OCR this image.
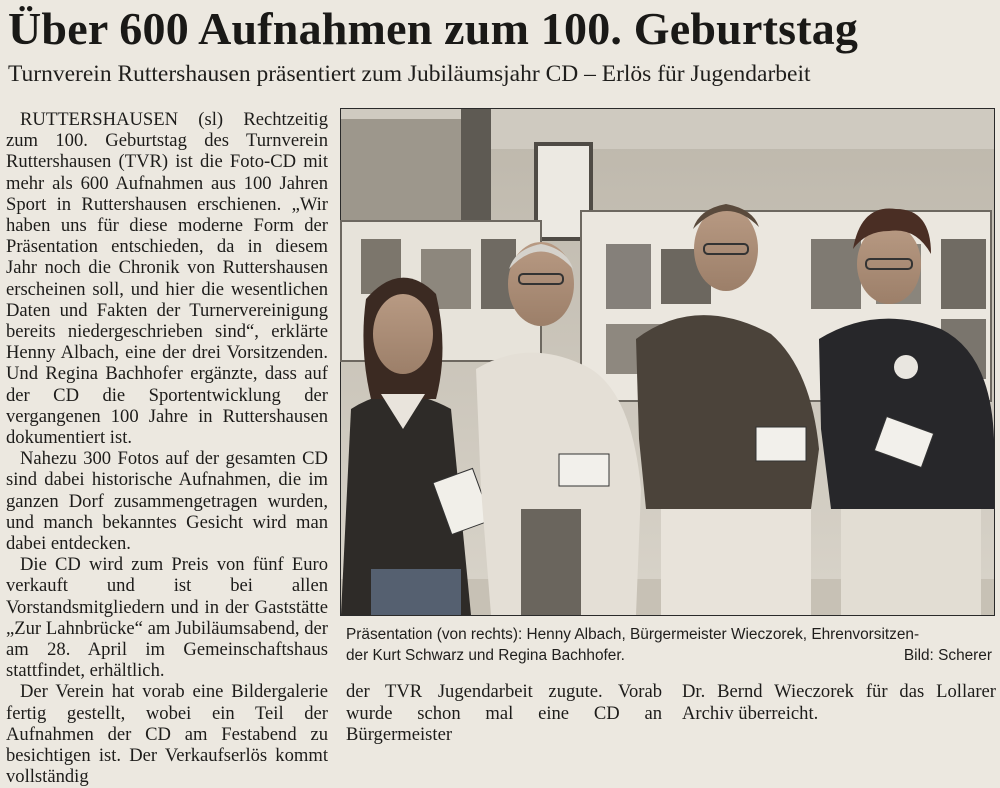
Über 600 Aufnahmen zum 100. Geburtstag
Turnverein Ruttershausen präsentiert zum Jubiläumsjahr CD – Erlös für Jugendarbeit

RUTTERSHAUSEN (sl) Rechtzeitig zum 100. Geburtstag des Turnverein Ruttershausen (TVR) ist die Foto-CD mit mehr als 600 Aufnahmen aus 100 Jahren Sport in Ruttershausen erschienen. „Wir haben uns für diese moderne Form der Präsentation entschieden, da in diesem Jahr noch die Chronik von Ruttershausen erscheinen soll, und hier die wesentlichen Daten und Fakten der Turnervereinigung bereits niedergeschrieben sind“, erklärte Henny Albach, eine der drei Vorsitzenden. Und Regina Bachhofer ergänzte, dass auf der CD die Sportentwicklung der vergangenen 100 Jahre in Ruttershausen dokumentiert ist.

Nahezu 300 Fotos auf der gesamten CD sind dabei historische Aufnahmen, die im ganzen Dorf zusammengetragen wurden, und manch bekanntes Gesicht wird man dabei entdecken.

Die CD wird zum Preis von fünf Euro verkauft und ist bei allen Vorstandsmitgliedern und in der Gaststätte „Zur Lahnbrücke“ am Jubiläumsabend, der am 28. April im Gemeinschaftshaus stattfindet, erhältlich.

Der Verein hat vorab eine Bildergalerie fertig gestellt, wobei ein Teil der Aufnahmen der CD am Festabend zu besichtigen ist. Der Verkaufserlös kommt vollständig

Präsentation (von rechts): Henny Albach, Bürgermeister Wieczorek, Ehrenvorsitzen-
der Kurt Schwarz und Regina Bachhofer.	Bild: Scherer

der TVR Jugendarbeit zugute. Vorab wurde schon mal eine CD an Bürgermeister

Dr. Bernd Wieczorek für das Lollarer Archiv überreicht.
